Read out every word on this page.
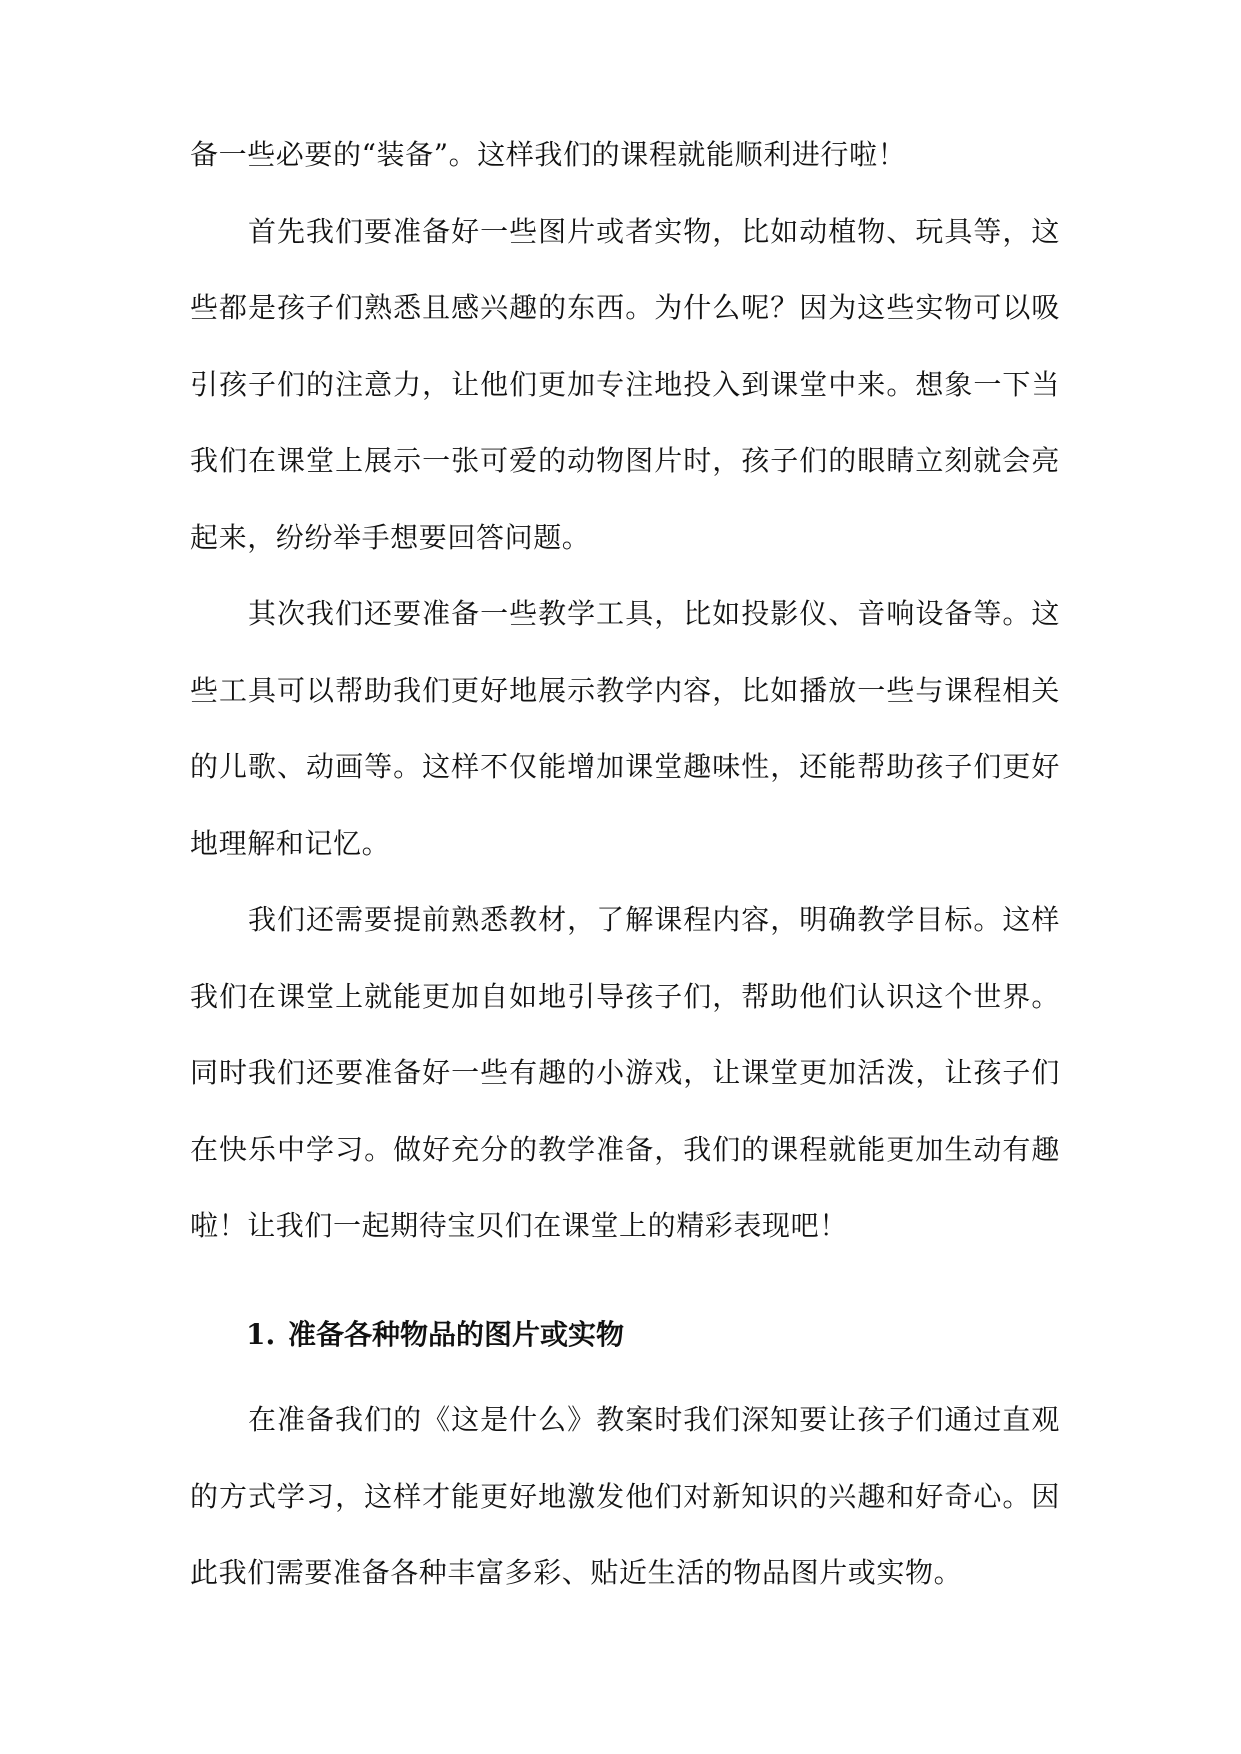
备一些必要的“装备”。这样我们的课程就能顺利进行啦！

首先我们要准备好一些图片或者实物，比如动植物、玩具等，这些都是孩子们熟悉且感兴趣的东西。为什么呢？因为这些实物可以吸引孩子们的注意力，让他们更加专注地投入到课堂中来。想象一下当我们在课堂上展示一张可爱的动物图片时，孩子们的眼睛立刻就会亮起来，纷纷举手想要回答问题。

其次我们还要准备一些教学工具，比如投影仪、音响设备等。这些工具可以帮助我们更好地展示教学内容，比如播放一些与课程相关的儿歌、动画等。这样不仅能增加课堂趣味性，还能帮助孩子们更好地理解和记忆。

我们还需要提前熟悉教材，了解课程内容，明确教学目标。这样我们在课堂上就能更加自如地引导孩子们，帮助他们认识这个世界。同时我们还要准备好一些有趣的小游戏，让课堂更加活泼，让孩子们在快乐中学习。做好充分的教学准备，我们的课程就能更加生动有趣啦！让我们一起期待宝贝们在课堂上的精彩表现吧！

1. 准备各种物品的图片或实物

在准备我们的《这是什么》教案时我们深知要让孩子们通过直观的方式学习，这样才能更好地激发他们对新知识的兴趣和好奇心。因此我们需要准备各种丰富多彩、贴近生活的物品图片或实物。
